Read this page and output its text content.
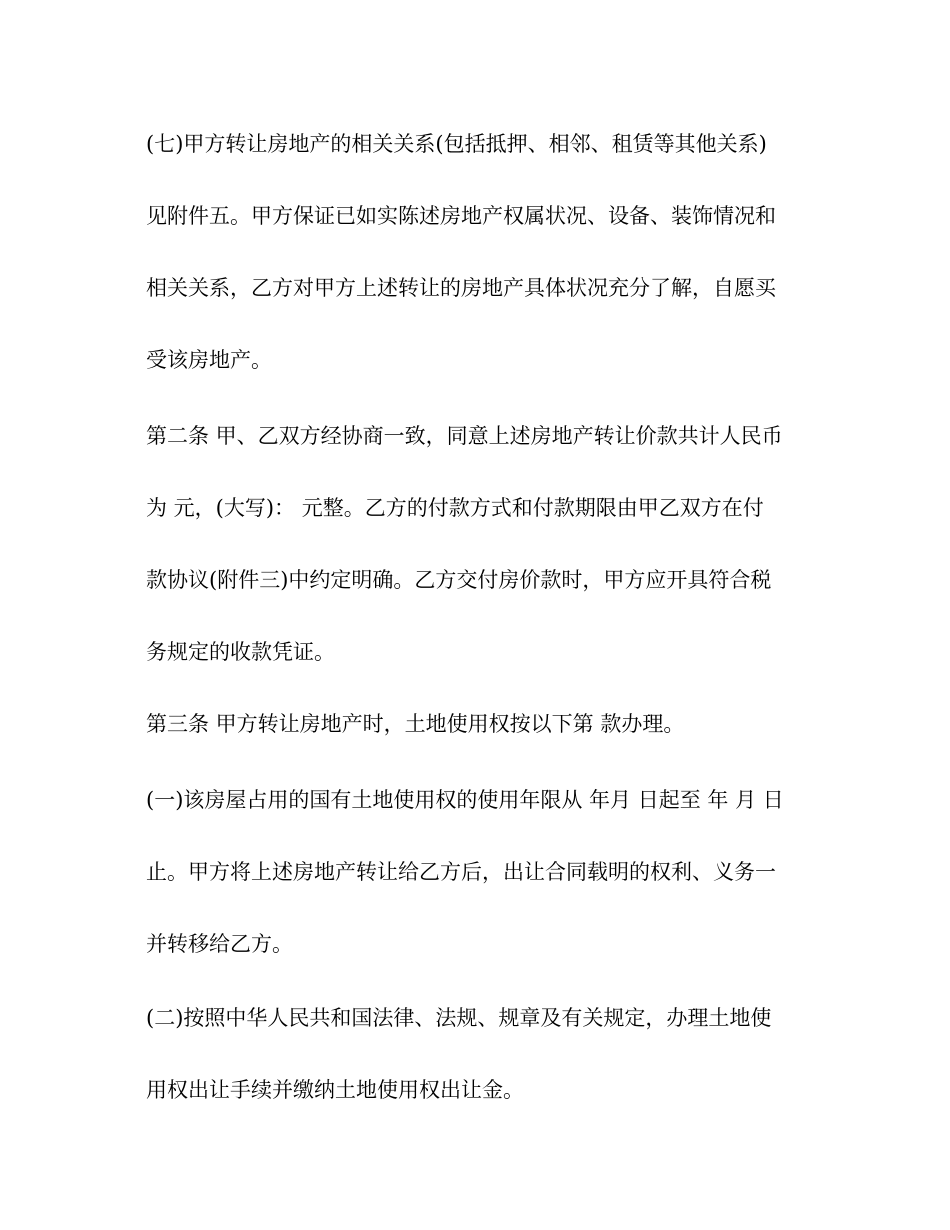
(七)甲方转让房地产的相关关系(包括抵押、相邻、租赁等其他关系)
见附件五。甲方保证已如实陈述房地产权属状况、设备、装饰情况和
相关关系，乙方对甲方上述转让的房地产具体状况充分了解，自愿买
受该房地产。
第二条 甲、乙双方经协商一致，同意上述房地产转让价款共计人民币
为 元，(大写)： 元整。乙方的付款方式和付款期限由甲乙双方在付
款协议(附件三)中约定明确。乙方交付房价款时，甲方应开具符合税
务规定的收款凭证。
第三条 甲方转让房地产时，土地使用权按以下第 款办理。
(一)该房屋占用的国有土地使用权的使用年限从 年月 日起至 年 月 日
止。甲方将上述房地产转让给乙方后，出让合同载明的权利、义务一
并转移给乙方。
(二)按照中华人民共和国法律、法规、规章及有关规定，办理土地使
用权出让手续并缴纳土地使用权出让金。
